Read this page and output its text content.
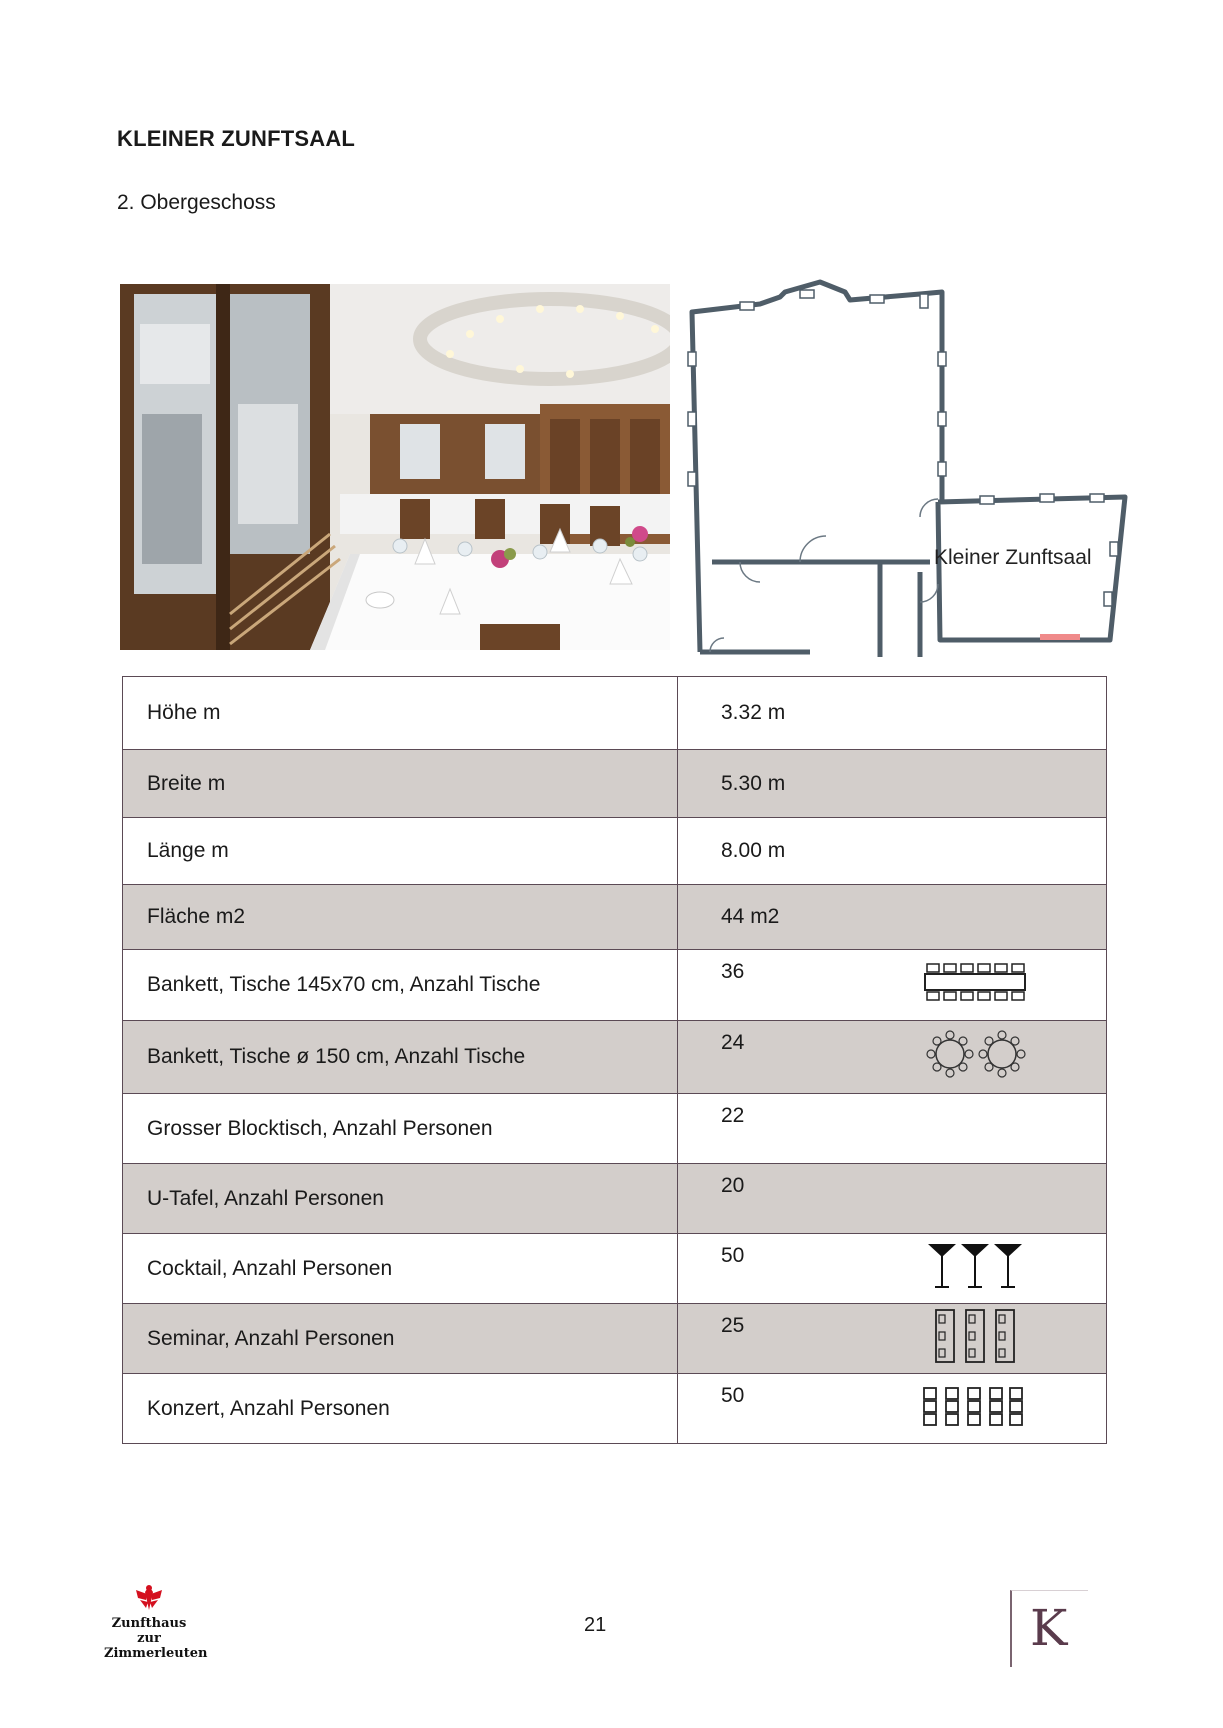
KLEINER ZUNFTSAAL
2. Obergeschoss
Kleiner Zunftsaal
Höhe m	3.32 m
Breite m	5.30 m
Länge m	8.00 m
Fläche m2	44 m2
Bankett, Tische 145x70 cm, Anzahl Tische	36

Bankett, Tische ø 150 cm, Anzahl Tische	24

Grosser Blocktisch, Anzahl Personen	22

U-Tafel, Anzahl Personen	20

Cocktail, Anzahl Personen	50

Seminar, Anzahl Personen	25

Konzert, Anzahl Personen	50
Zunfthaus
zur
Zimmerleuten
21	K
